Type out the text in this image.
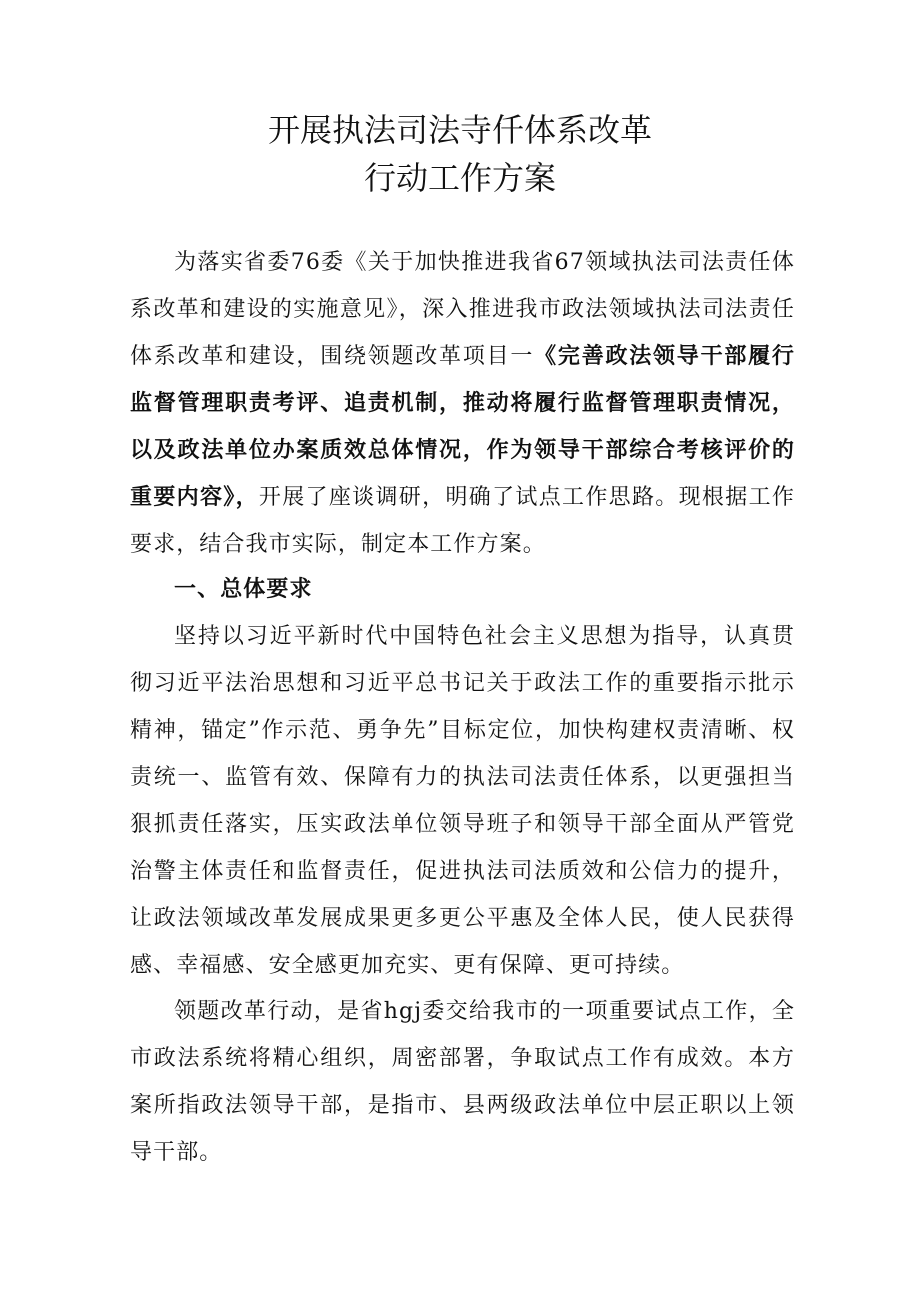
开展执法司法寺仟体系改革
行动工作方案

为落实省委76委《关于加快推进我省67领域执法司法责任体系改革和建设的实施意见》，深入推进我市政法领域执法司法责任体系改革和建设，围绕领题改革项目一《完善政法领导干部履行监督管理职责考评、追责机制，推动将履行监督管理职责情况，以及政法单位办案质效总体情况，作为领导干部综合考核评价的重要内容》，开展了座谈调研，明确了试点工作思路。现根据工作要求，结合我市实际，制定本工作方案。

一、总体要求

坚持以习近平新时代中国特色社会主义思想为指导，认真贯彻习近平法治思想和习近平总书记关于政法工作的重要指示批示精神，锚定”作示范、勇争先”目标定位，加快构建权责清晰、权责统一、监管有效、保障有力的执法司法责任体系，以更强担当狠抓责任落实，压实政法单位领导班子和领导干部全面从严管党治警主体责任和监督责任，促进执法司法质效和公信力的提升，让政法领域改革发展成果更多更公平惠及全体人民，使人民获得感、幸福感、安全感更加充实、更有保障、更可持续。

领题改革行动，是省hgj委交给我市的一项重要试点工作，全市政法系统将精心组织，周密部署，争取试点工作有成效。本方案所指政法领导干部，是指市、县两级政法单位中层正职以上领导干部。
